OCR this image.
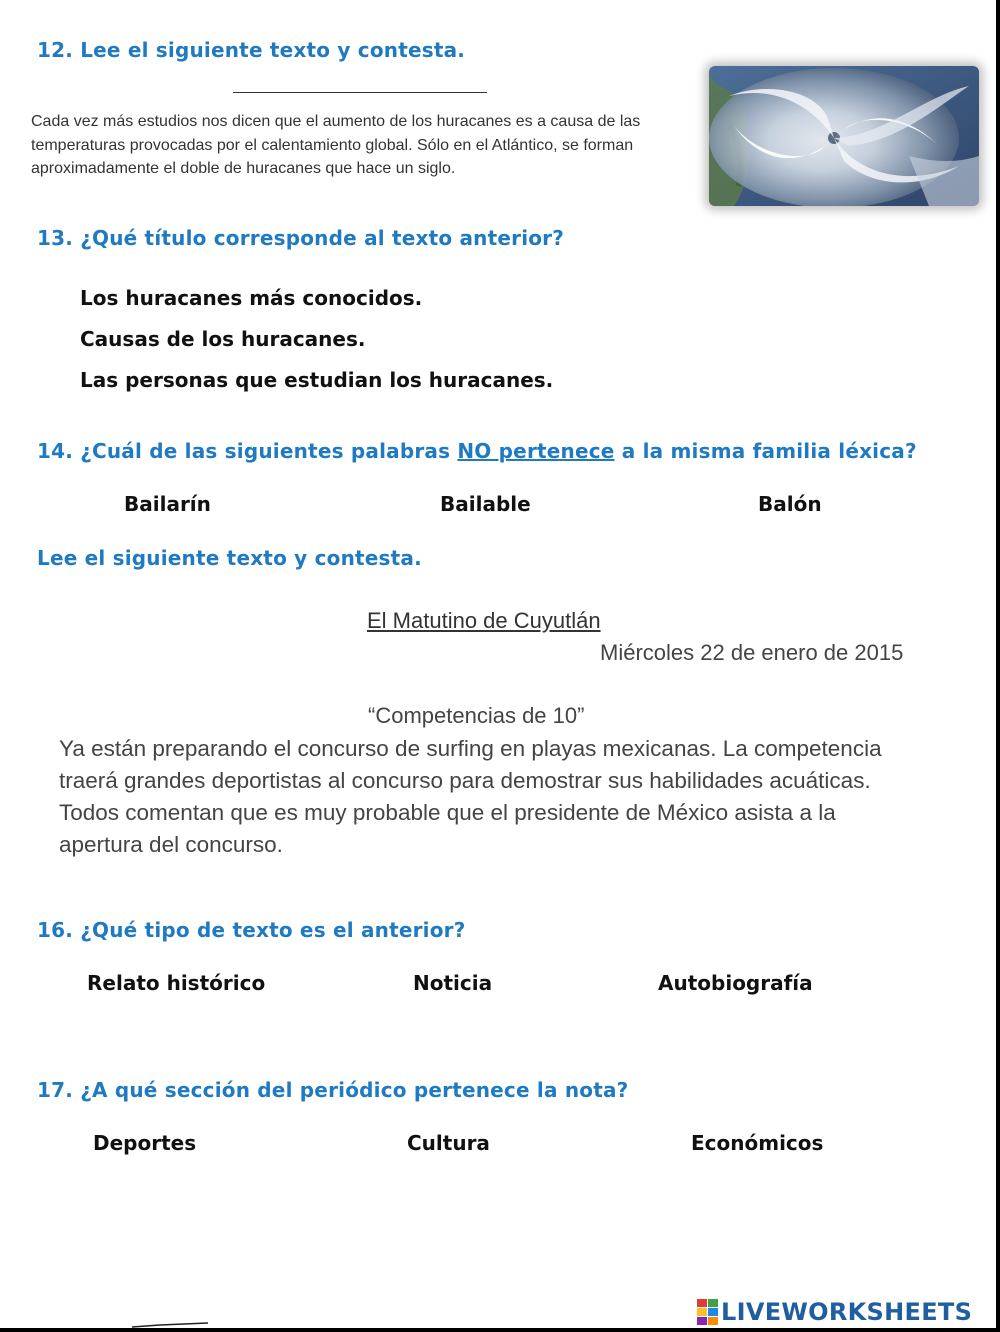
12. Lee el siguiente texto y contesta.
Cada vez más estudios nos dicen que el aumento de los huracanes es a causa de las temperaturas provocadas por el calentamiento global. Sólo en el Atlántico, se forman aproximadamente el doble de huracanes que hace un siglo.
13. ¿Qué título corresponde al texto anterior?
Los huracanes más conocidos.
Causas de los huracanes.
Las personas que estudian los huracanes.
14. ¿Cuál de las siguientes palabras NO pertenece a la misma familia léxica?
Bailarín	Bailable	Balón
Lee el siguiente texto y contesta.
El Matutino de Cuyutlán
Miércoles 22 de enero de 2015
“Competencias de 10”
Ya están preparando el concurso de surfing en playas mexicanas. La competencia traerá grandes deportistas al concurso para demostrar sus habilidades acuáticas. Todos comentan que es muy probable que el presidente de México asista a la apertura del concurso.
16. ¿Qué tipo de texto es el anterior?
Relato histórico	Noticia	Autobiografía
17. ¿A qué sección del periódico pertenece la nota?
Deportes	Cultura	Económicos
LIVEWORKSHEETS
